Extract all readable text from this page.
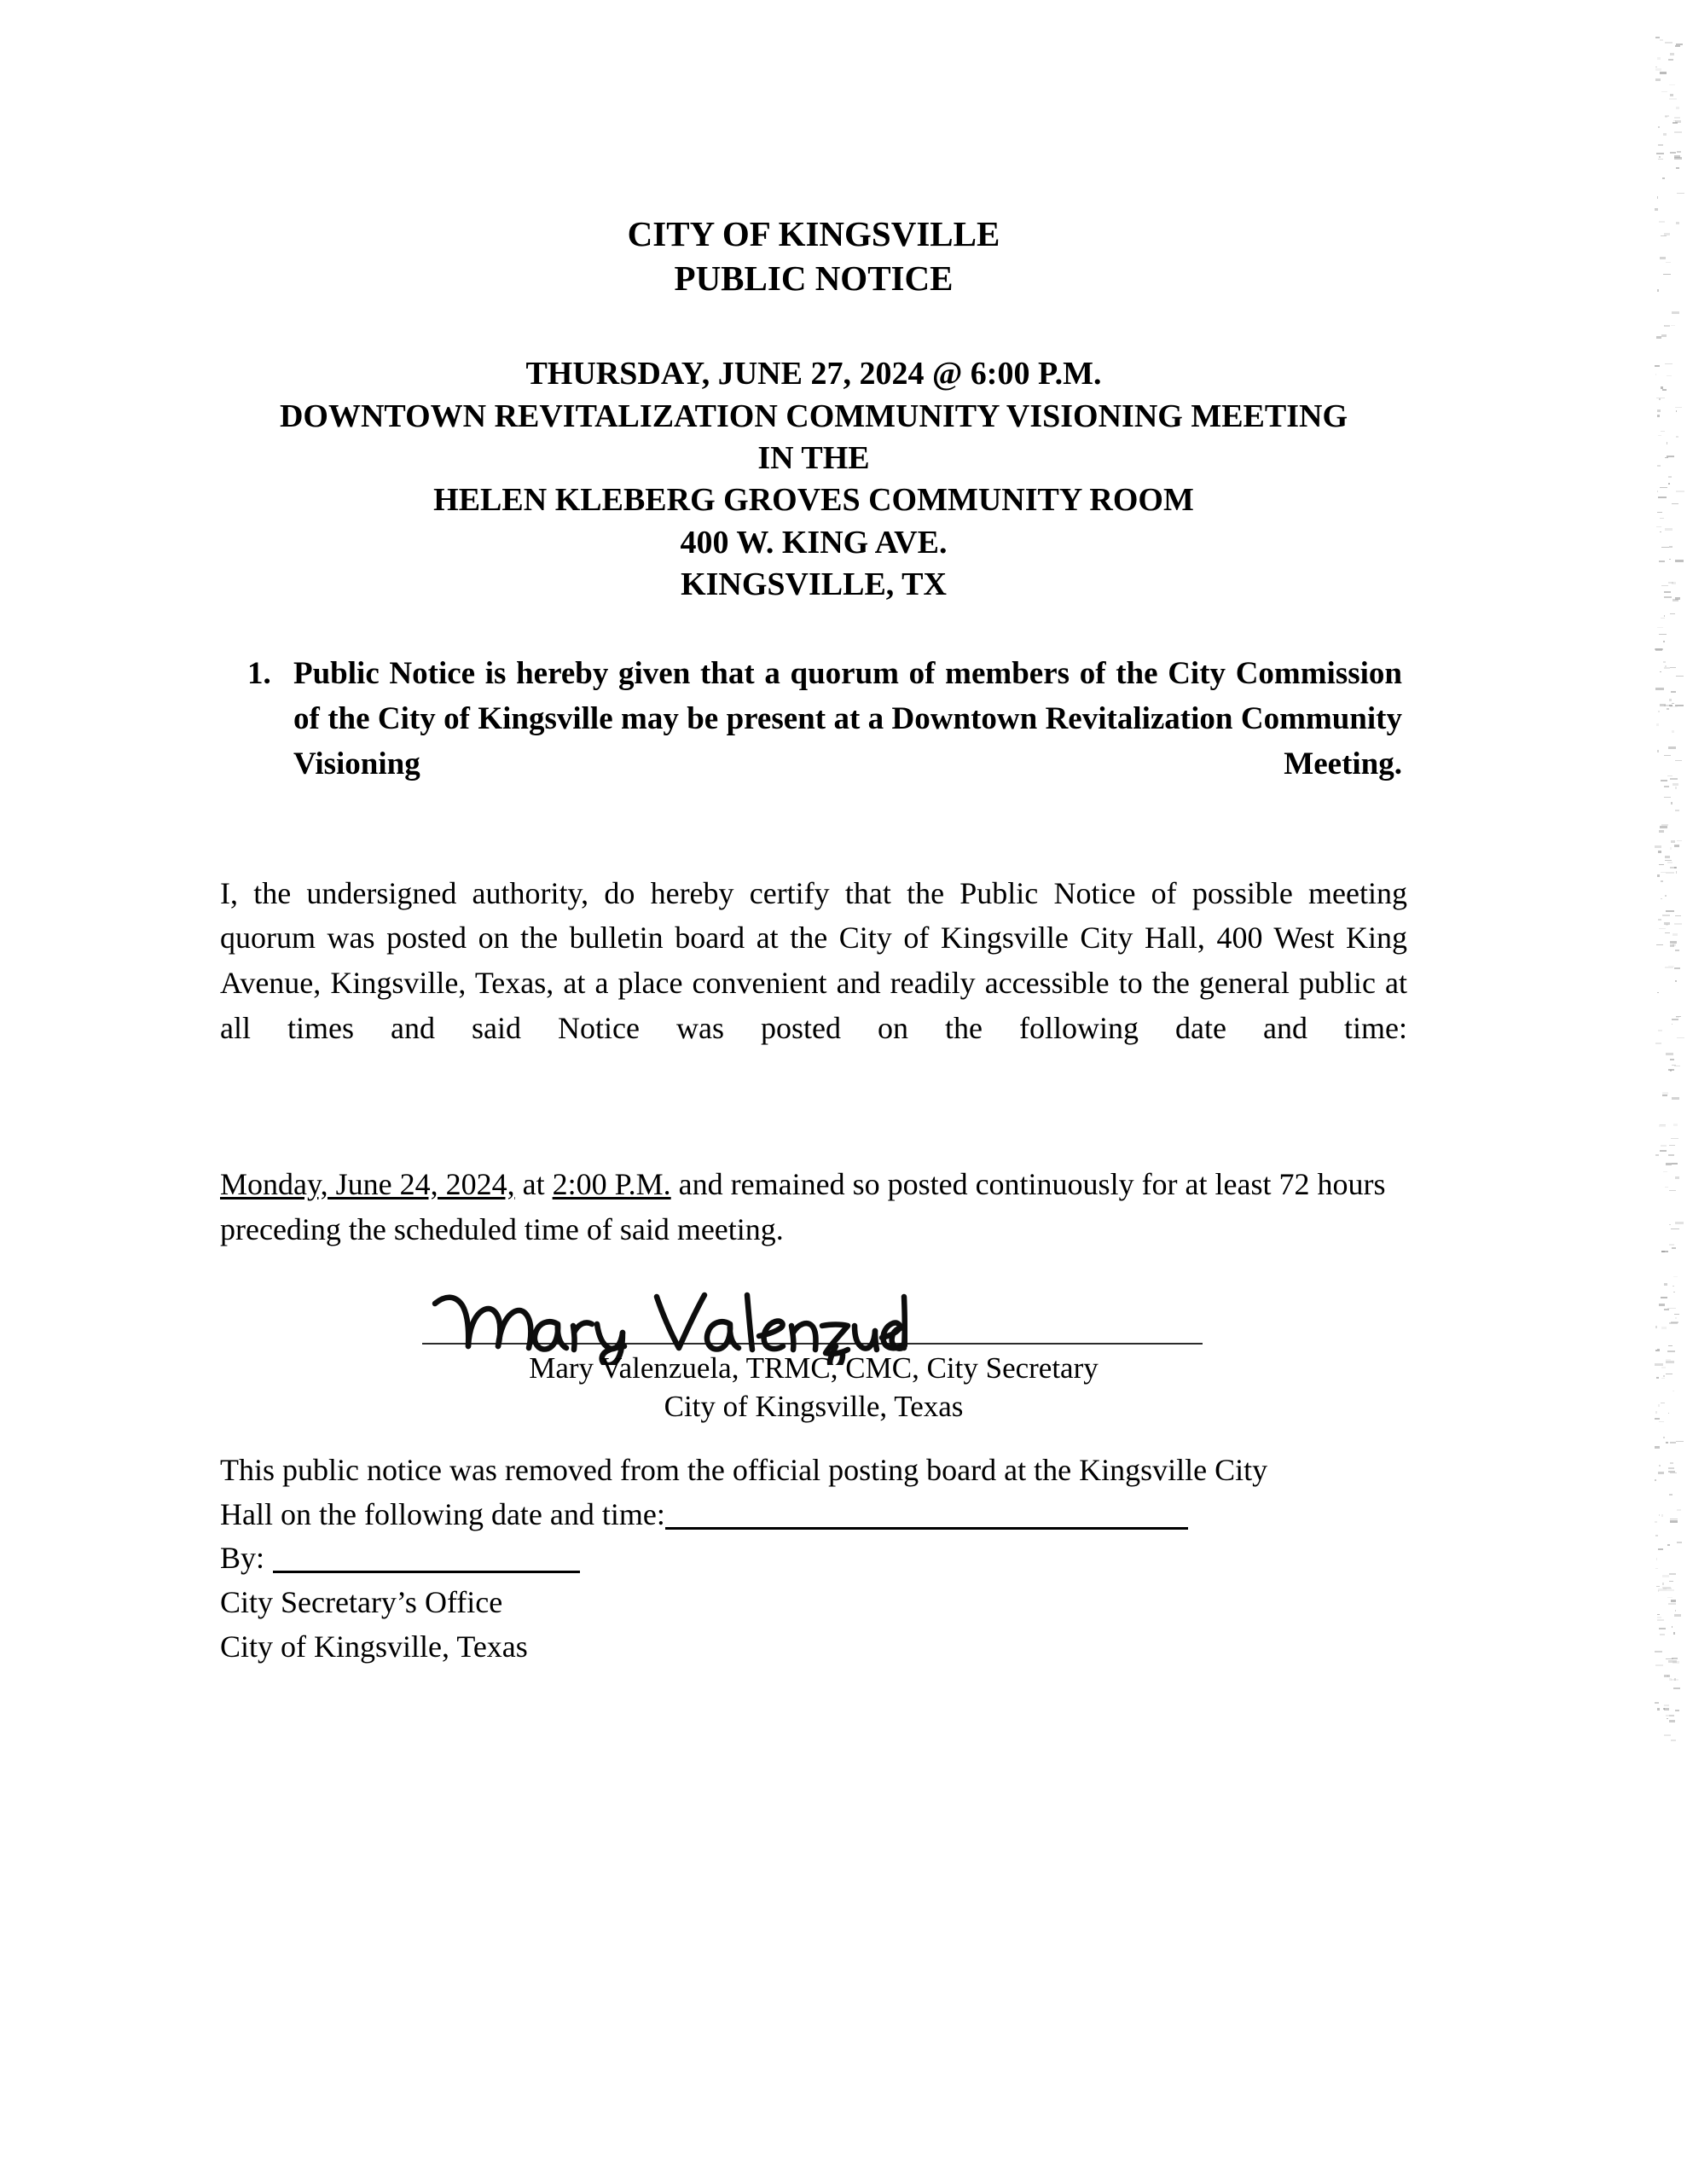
CITY OF KINGSVILLE
PUBLIC NOTICE
THURSDAY, JUNE 27, 2024 @ 6:00 P.M.
DOWNTOWN REVITALIZATION COMMUNITY VISIONING MEETING
IN THE
HELEN KLEBERG GROVES COMMUNITY ROOM
400 W. KING AVE.
KINGSVILLE, TX
1. Public Notice is hereby given that a quorum of members of the City Commission of the City of Kingsville may be present at a Downtown Revitalization Community Visioning Meeting.
I, the undersigned authority, do hereby certify that the Public Notice of possible meeting quorum was posted on the bulletin board at the City of Kingsville City Hall, 400 West King Avenue, Kingsville, Texas, at a place convenient and readily accessible to the general public at all times and said Notice was posted on the following date and time:
Monday, June 24, 2024, at 2:00 P.M. and remained so posted continuously for at least 72 hours preceding the scheduled time of said meeting.
Mary Valenzuela, TRMC, CMC, City Secretary
City of Kingsville, Texas
This public notice was removed from the official posting board at the Kingsville City
Hall on the following date and time:
By:
City Secretary’s Office
City of Kingsville, Texas
